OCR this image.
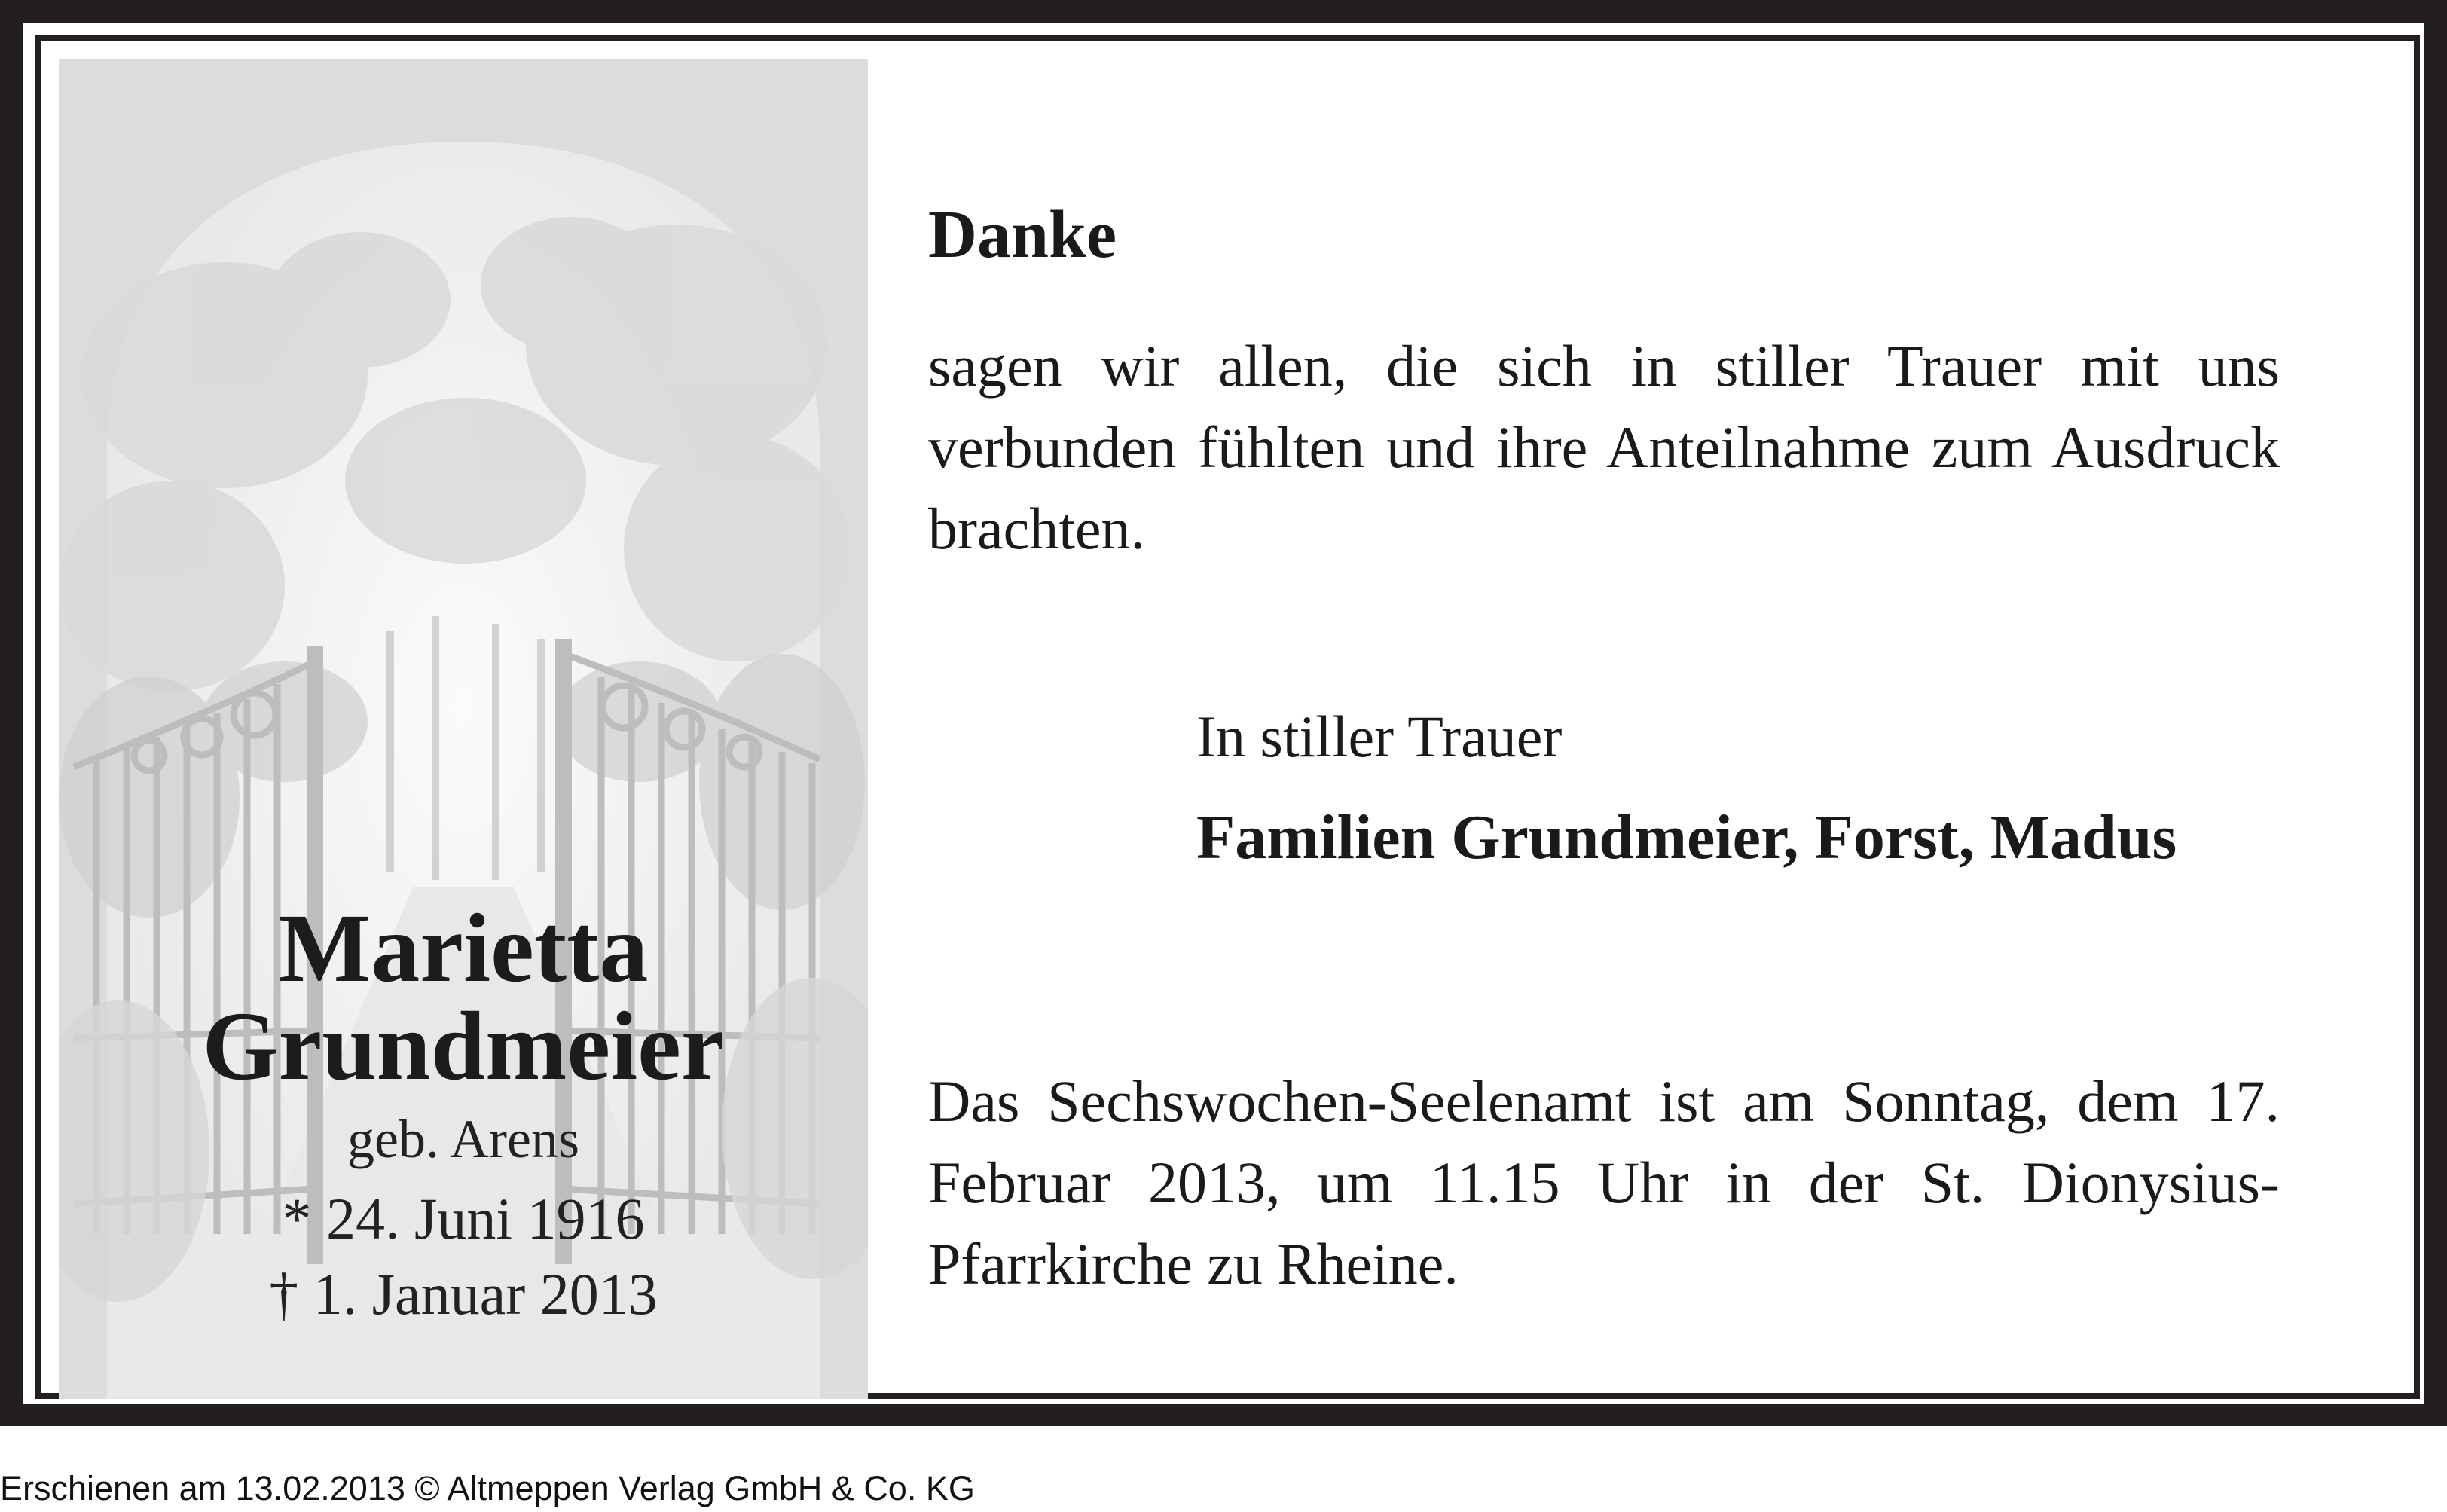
Marietta
Grundmeier
geb. Arens
* 24. Juni 1916
† 1. Januar 2013
Danke
sagen wir allen, die sich in stiller Trauer mit uns verbunden fühlten und ihre Anteilnahme zum Ausdruck brachten.
In stiller Trauer
Familien Grundmeier, Forst, Madus
Das Sechswochen-Seelenamt ist am Sonntag, dem 17. Februar 2013, um 11.15 Uhr in der St. Dionysius-Pfarrkirche zu Rheine.
Erschienen am 13.02.2013 © Altmeppen Verlag GmbH & Co. KG
